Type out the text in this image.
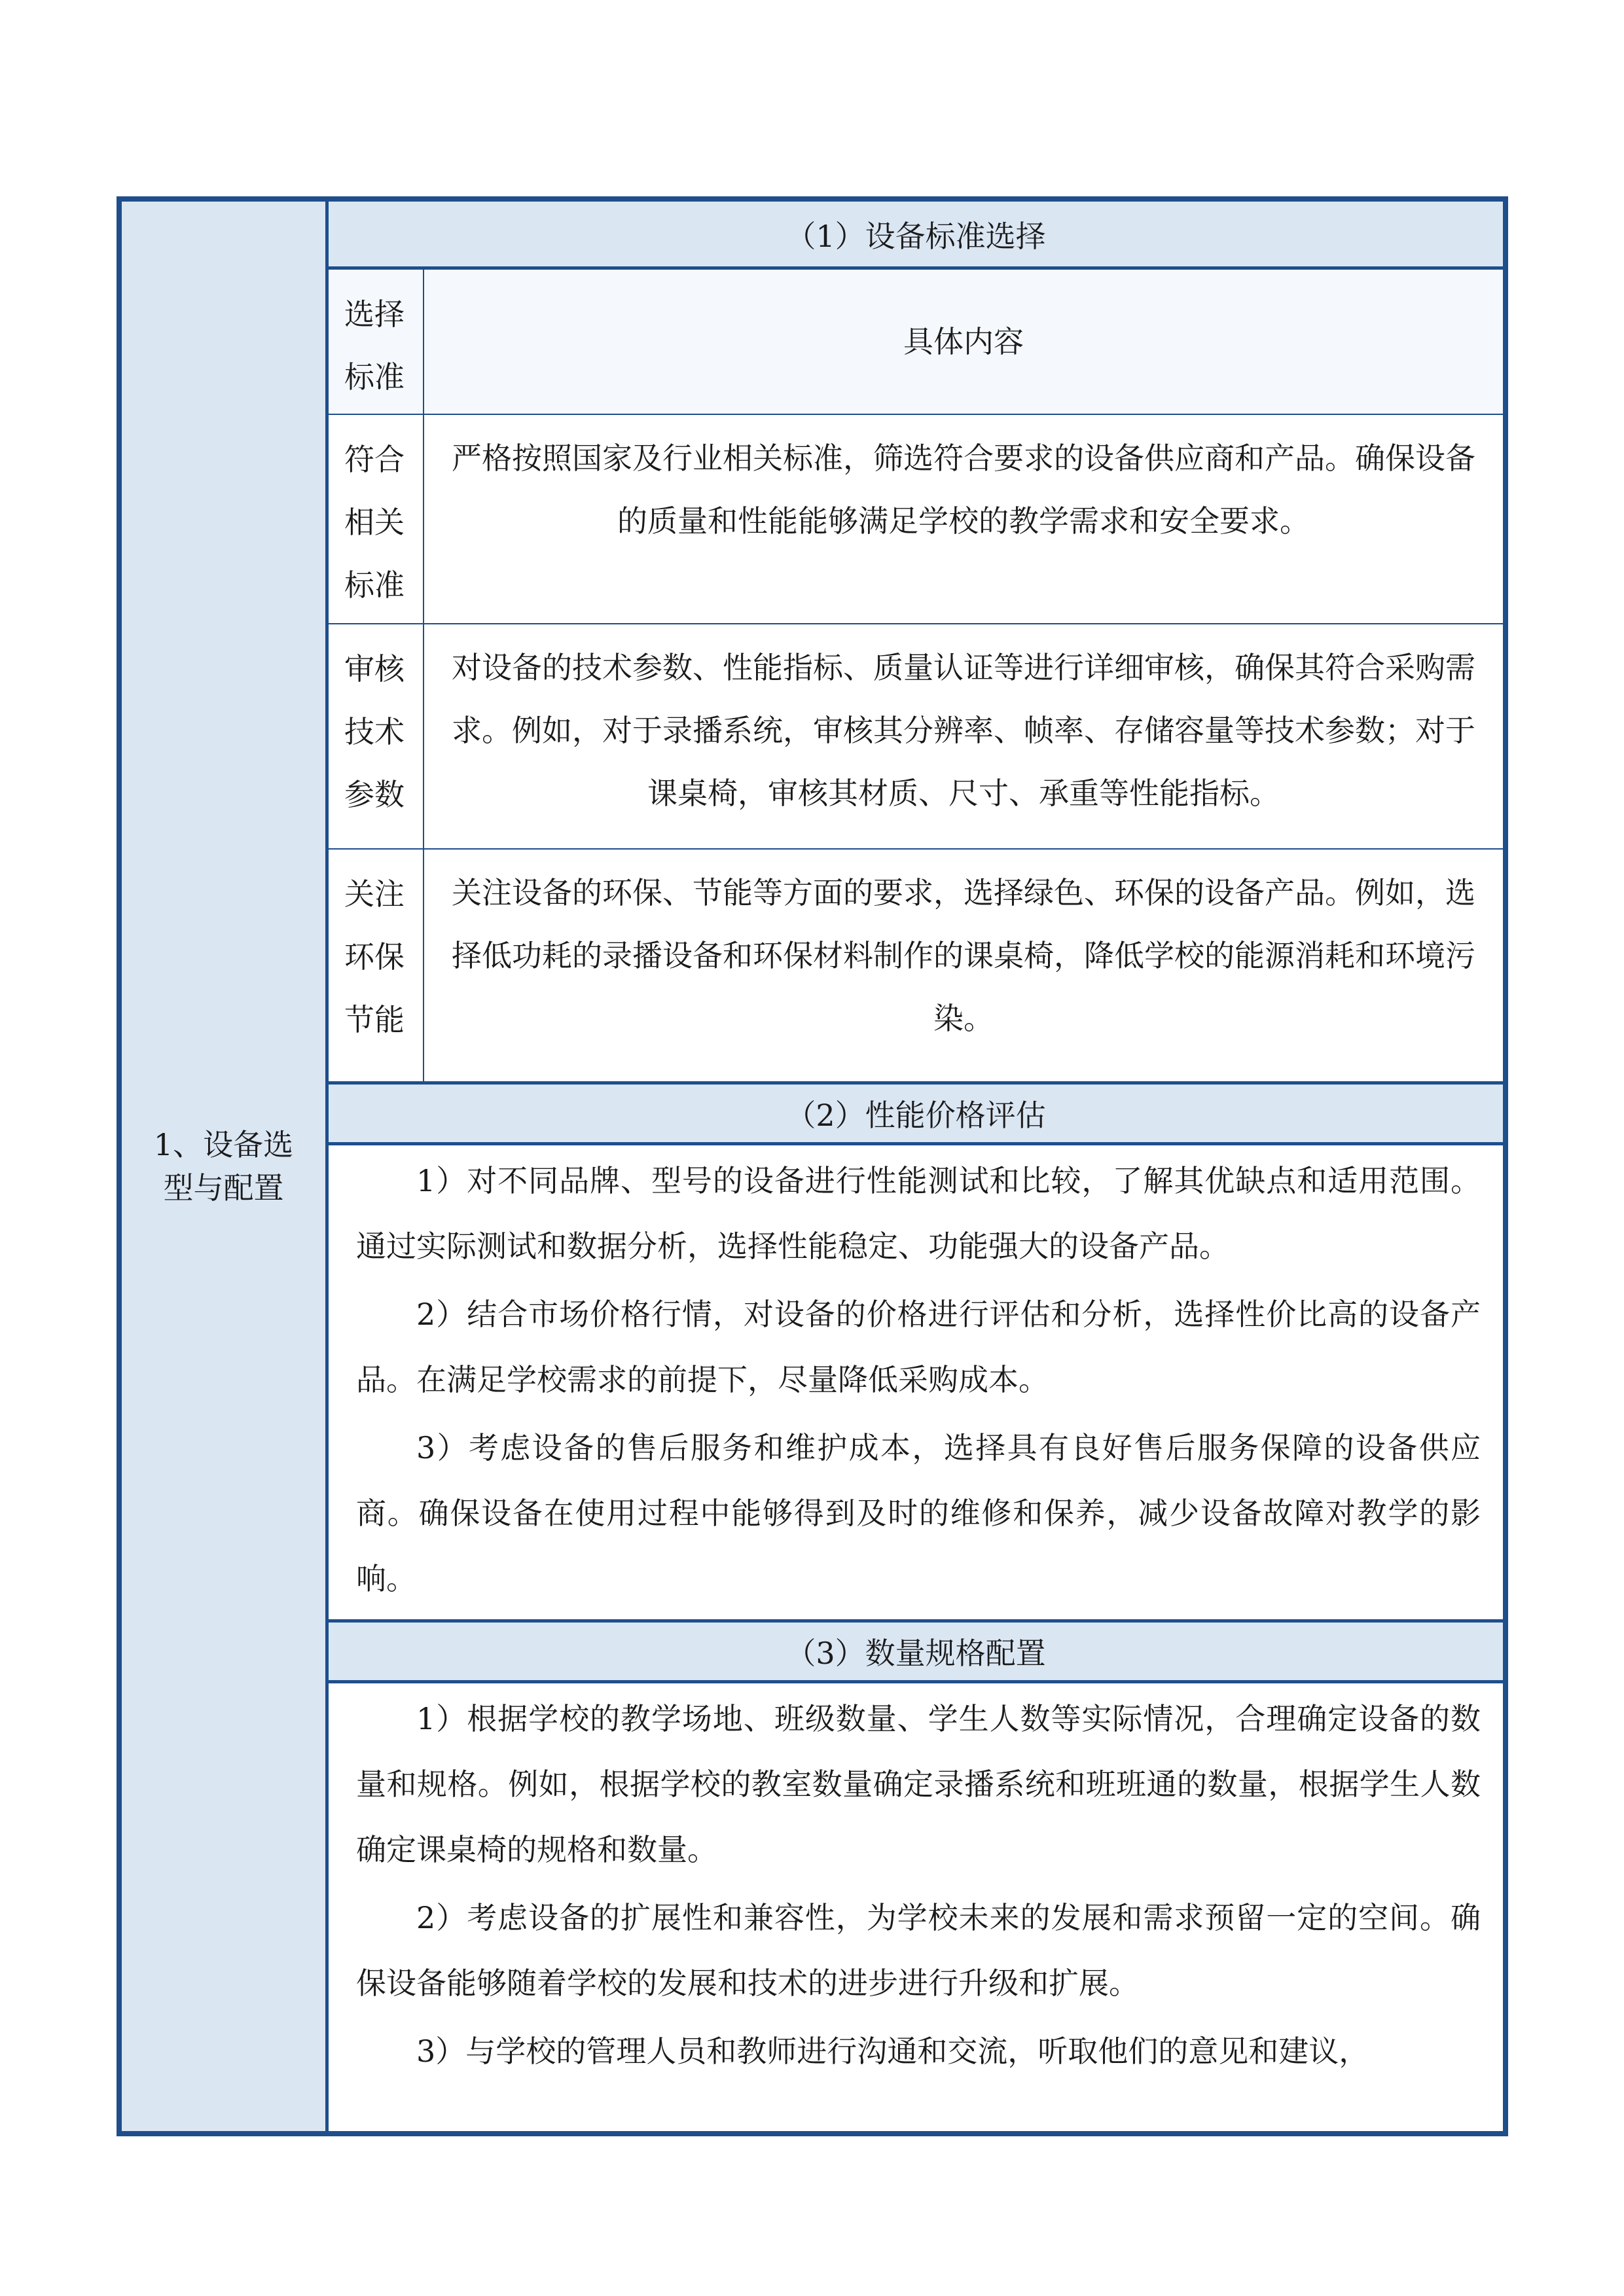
1、设备选型与配置
（1）设备标准选择
选择标准
具体内容
符合相关标准
严格按照国家及行业相关标准，筛选符合要求的设备供应商和产品。确保设备的质量和性能能够满足学校的教学需求和安全要求。
审核技术参数
对设备的技术参数、性能指标、质量认证等进行详细审核，确保其符合采购需求。例如，对于录播系统，审核其分辨率、帧率、存储容量等技术参数；对于课桌椅，审核其材质、尺寸、承重等性能指标。
关注环保节能
关注设备的环保、节能等方面的要求，选择绿色、环保的设备产品。例如，选择低功耗的录播设备和环保材料制作的课桌椅，降低学校的能源消耗和环境污染。
（2）性能价格评估

1）对不同品牌、型号的设备进行性能测试和比较，了解其优缺点和适用范围。通过实际测试和数据分析，选择性能稳定、功能强大的设备产品。

2）结合市场价格行情，对设备的价格进行评估和分析，选择性价比高的设备产品。在满足学校需求的前提下，尽量降低采购成本。

3）考虑设备的售后服务和维护成本，选择具有良好售后服务保障的设备供应商。确保设备在使用过程中能够得到及时的维修和保养，减少设备故障对教学的影响。

（3）数量规格配置

1）根据学校的教学场地、班级数量、学生人数等实际情况，合理确定设备的数量和规格。例如，根据学校的教室数量确定录播系统和班班通的数量，根据学生人数确定课桌椅的规格和数量。

2）考虑设备的扩展性和兼容性，为学校未来的发展和需求预留一定的空间。确保设备能够随着学校的发展和技术的进步进行升级和扩展。

3）与学校的管理人员和教师进行沟通和交流，听取他们的意见和建议，
